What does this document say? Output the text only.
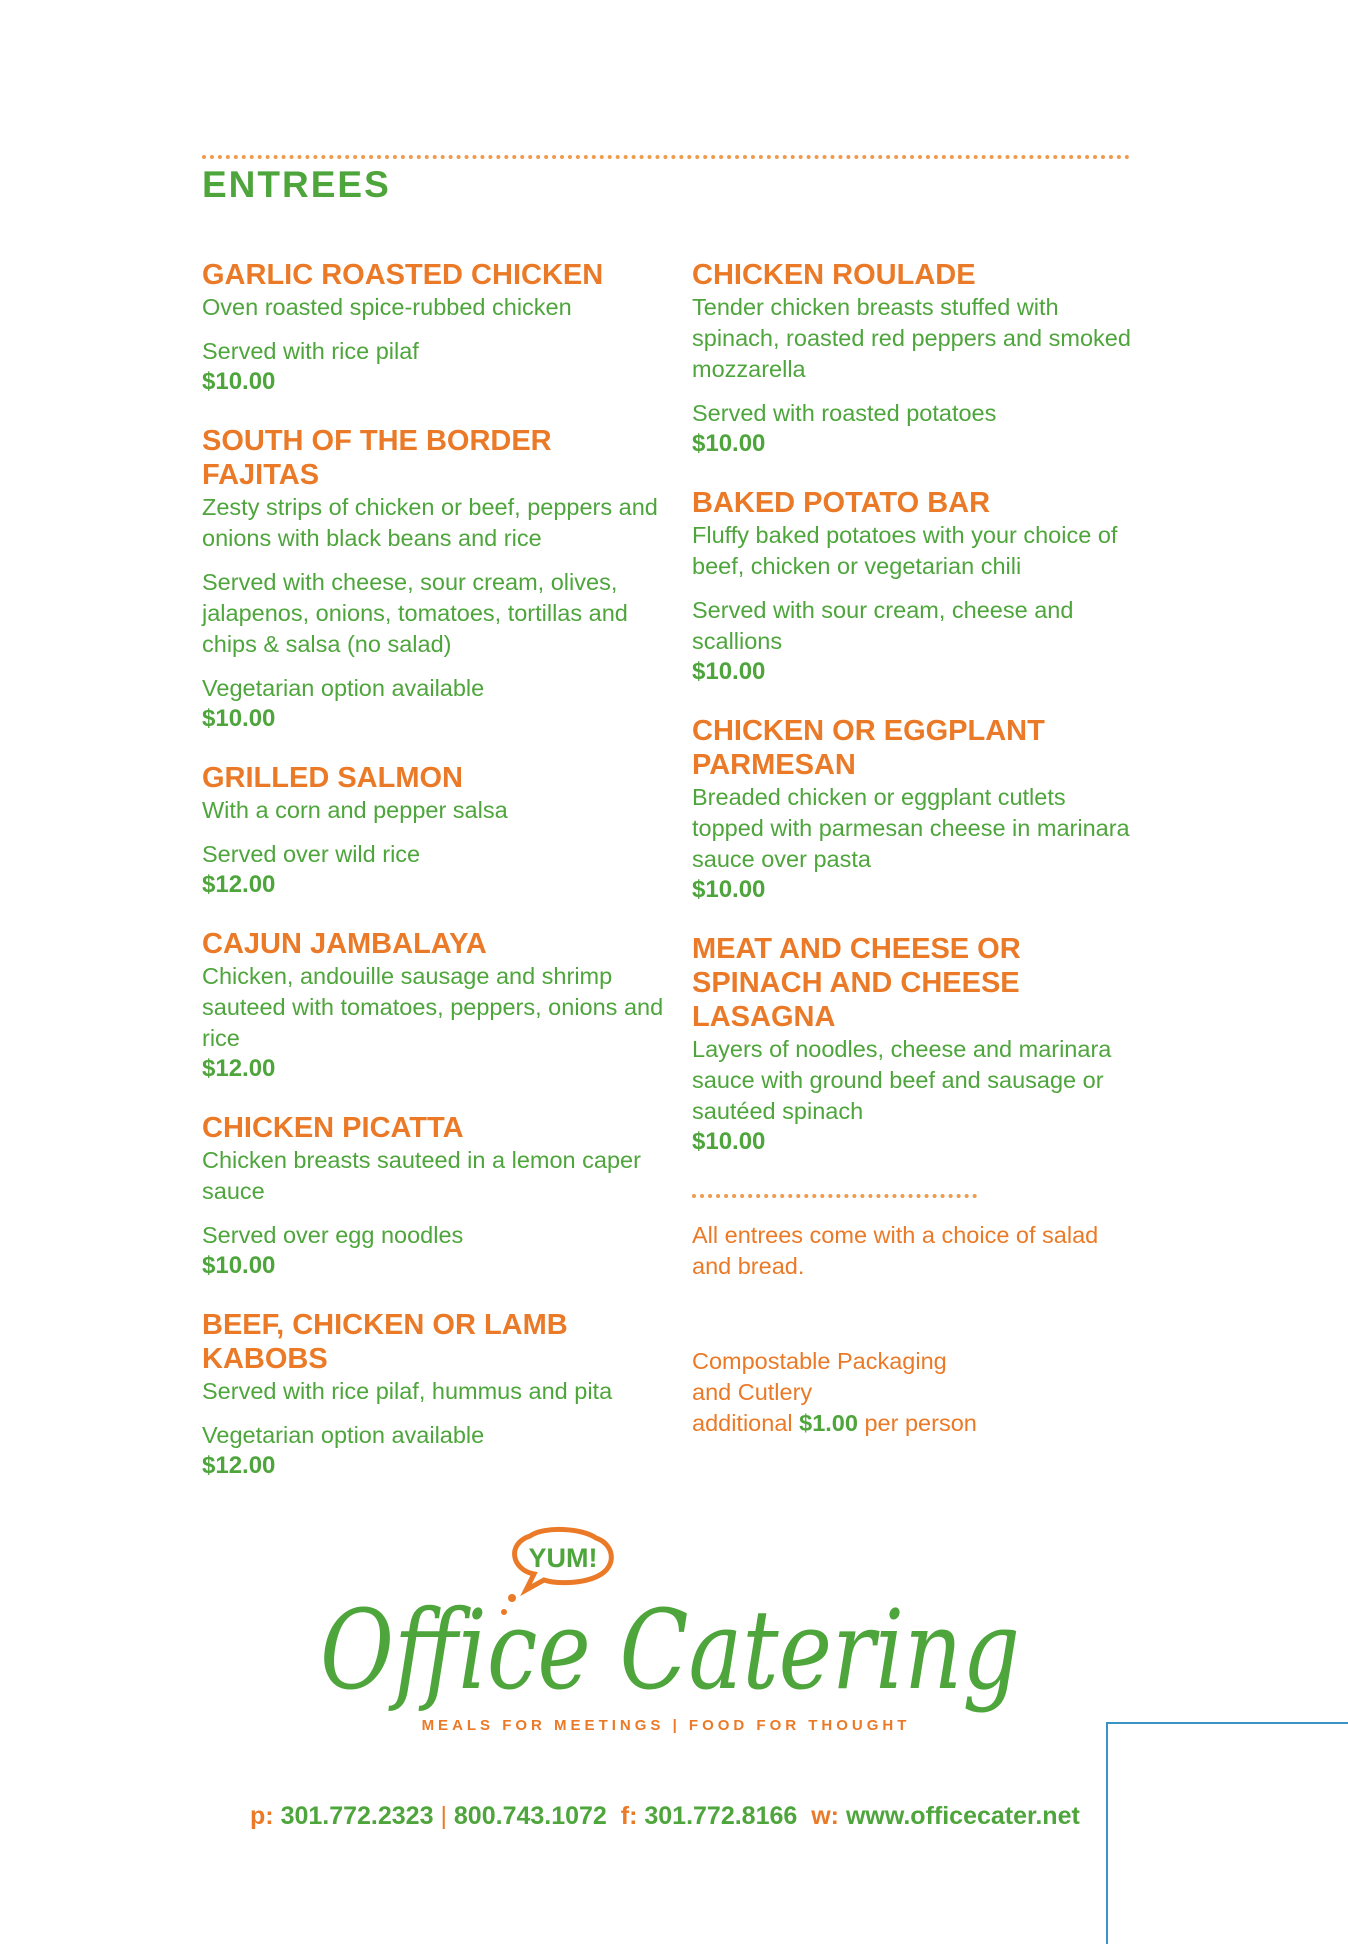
ENTREES

GARLIC ROASTED CHICKEN

Oven roasted spice-rubbed chicken

Served with rice pilaf

$10.00

SOUTH OF THE BORDER FAJITAS

Zesty strips of chicken or beef, peppers and onions with black beans and rice

Served with cheese, sour cream, olives, jalapenos, onions, tomatoes, tortillas and chips & salsa (no salad)

Vegetarian option available

$10.00

GRILLED SALMON

With a corn and pepper salsa

Served over wild rice

$12.00

CAJUN JAMBALAYA

Chicken, andouille sausage and shrimp sauteed with tomatoes, peppers, onions and rice

$12.00

CHICKEN PICATTA

Chicken breasts sauteed in a lemon caper sauce

Served over egg noodles

$10.00

BEEF, CHICKEN OR LAMB KABOBS

Served with rice pilaf, hummus and pita

Vegetarian option available

$12.00

CHICKEN ROULADE

Tender chicken breasts stuffed with spinach, roasted red peppers and smoked mozzarella

Served with roasted potatoes

$10.00

BAKED POTATO BAR

Fluffy baked potatoes with your choice of beef, chicken or vegetarian chili

Served with sour cream, cheese and scallions

$10.00

CHICKEN OR EGGPLANT PARMESAN

Breaded chicken or eggplant cutlets topped with parmesan cheese in marinara sauce over pasta

$10.00

MEAT AND CHEESE OR SPINACH AND CHEESE LASAGNA

Layers of noodles, cheese and marinara sauce with ground beef and sausage or sautéed spinach

$10.00

All entrees come with a choice of salad and bread.

Compostable Packaging
and Cutlery
additional $1.00 per person
YUM!
Office Catering
MEALS FOR MEETINGS | FOOD FOR THOUGHT
p: 301.772.2323 | 800.743.1072 f: 301.772.8166 w: www.officecater.net
